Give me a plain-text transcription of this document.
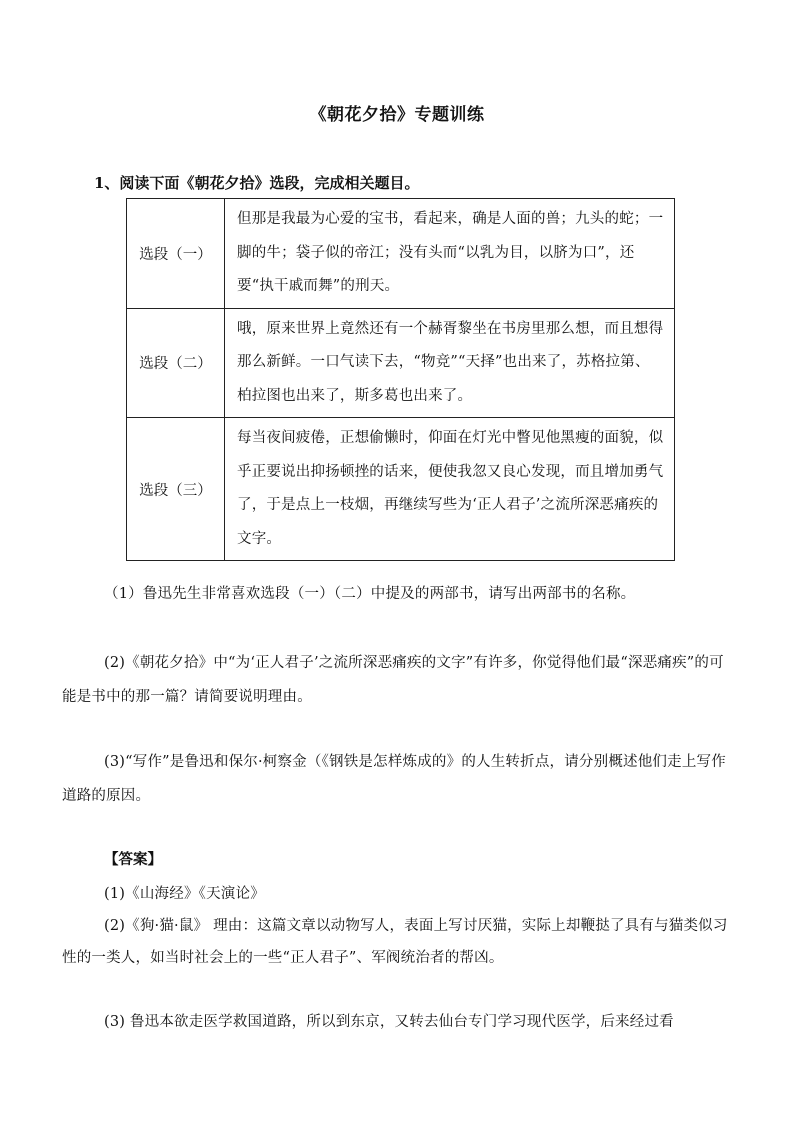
《朝花夕拾》专题训练
1、阅读下面《朝花夕拾》选段，完成相关题目。
选段（一）	但那是我最为心爱的宝书，看起来，确是人面的兽；九头的蛇；一脚的牛；袋子似的帝江；没有头而“以乳为目，以脐为口”，还要“执干戚而舞”的刑天。
选段（二）	哦，原来世界上竟然还有一个赫胥黎坐在书房里那么想，而且想得那么新鲜。一口气读下去，“物竞”“天择”也出来了，苏格拉第、柏拉图也出来了，斯多葛也出来了。
选段（三）	每当夜间疲倦，正想偷懒时，仰面在灯光中瞥见他黑瘦的面貌，似乎正要说出抑扬顿挫的话来，便使我忽又良心发现，而且增加勇气了，于是点上一枝烟，再继续写些为‘正人君子’之流所深恶痛疾的文字。
（1）鲁迅先生非常喜欢选段（一）（二）中提及的两部书，请写出两部书的名称。
(2)《朝花夕拾》中“为‘正人君子’之流所深恶痛疾的文字”有许多，你觉得他们最“深恶痛疾”的可能是书中的那一篇？请简要说明理由。
(3)“写作”是鲁迅和保尔·柯察金（《钢铁是怎样炼成的》的人生转折点，请分别概述他们走上写作道路的原因。
【答案】
(1)《山海经》《天演论》
(2)《狗·猫·鼠》 理由：这篇文章以动物写人，表面上写讨厌猫，实际上却鞭挞了具有与猫类似习性的一类人，如当时社会上的一些“正人君子”、军阀统治者的帮凶。
(3) 鲁迅本欲走医学救国道路，所以到东京，又转去仙台专门学习现代医学，后来经过看
